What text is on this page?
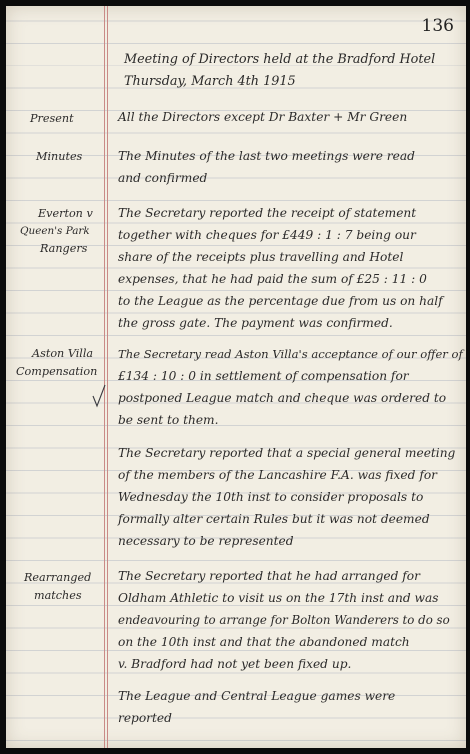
136
Meeting of Directors held at the Bradford Hotel
Thursday, March 4th 1915
Present	All the Directors except Dr Baxter + Mr Green
Minutes	The Minutes of the last two meetings were read
and confirmed
Everton v
Queen's Park
Rangers
The Secretary reported the receipt of statement
together with cheques for £449 : 1 : 7 being our
share of the receipts plus travelling and Hotel
expenses, that he had paid the sum of £25 : 11 : 0
to the League as the percentage due from us on half
the gross gate. The payment was confirmed.
Aston Villa
Compensation
The Secretary read Aston Villa's acceptance of our offer of
£134 : 10 : 0 in settlement of compensation for
postponed League match and cheque was ordered to
be sent to them.
The Secretary reported that a special general meeting
of the members of the Lancashire F.A. was fixed for
Wednesday the 10th inst to consider proposals to
formally alter certain Rules but it was not deemed
necessary to be represented
Rearranged
matches
The Secretary reported that he had arranged for
Oldham Athletic to visit us on the 17th inst and was
endeavouring to arrange for Bolton Wanderers to do so
on the 10th inst and that the abandoned match
v. Bradford had not yet been fixed up.
The League and Central League games were
reported
